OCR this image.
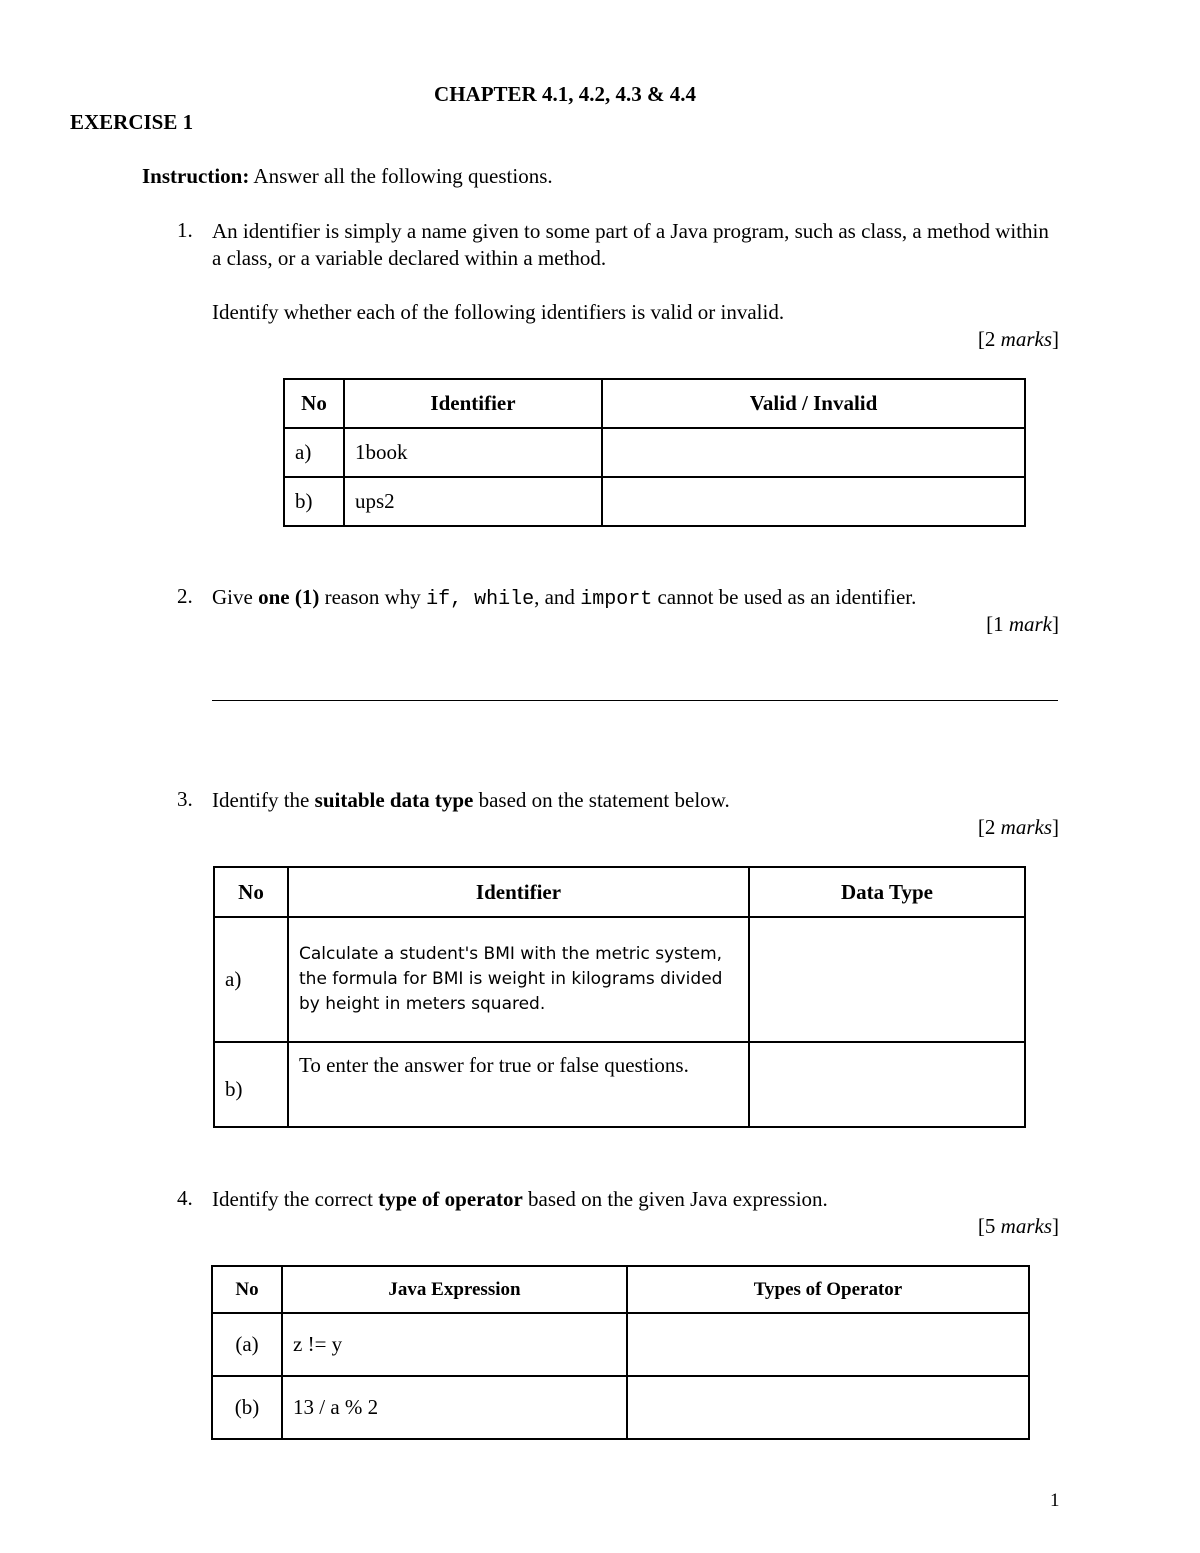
CHAPTER 4.1, 4.2, 4.3 & 4.4
EXERCISE 1
Instruction: Answer all the following questions.
1. An identifier is simply a name given to some part of a Java program, such as class, a method within a class, or a variable declared within a method.
Identify whether each of the following identifiers is valid or invalid.
[2 marks]
No	Identifier	Valid / Invalid
a)	1book	
b)	ups2	
2. Give one (1) reason why if, while, and import cannot be used as an identifier.
[1 mark]
3. Identify the suitable data type based on the statement below.
[2 marks]
No	Identifier	Data Type
a)	Calculate a student's BMI with the metric system, the formula for BMI is weight in kilograms divided by height in meters squared.	

b)	To enter the answer for true or false questions.	
4. Identify the correct type of operator based on the given Java expression.
[5 marks]
No	Java Expression	Types of Operator
(a)	z != y	
(b)	13 / a % 2	
1
